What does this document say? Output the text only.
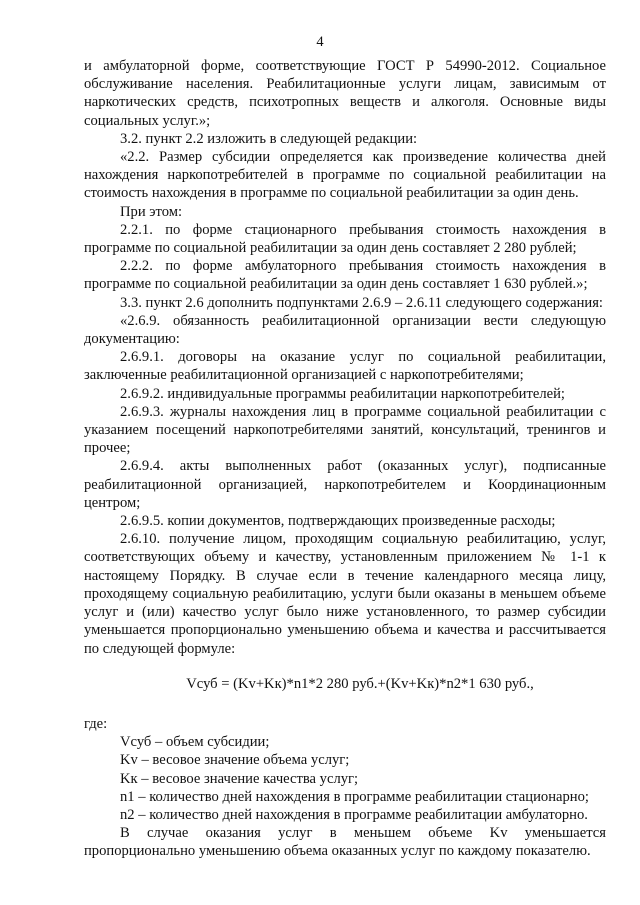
4

и амбулаторной форме, соответствующие ГОСТ Р 54990-2012. Социальное обслуживание населения. Реабилитационные услуги лицам, зависимым от наркотических средств, психотропных веществ и алкоголя. Основные виды социальных услуг.»;

3.2. пункт 2.2 изложить в следующей редакции:

«2.2. Размер субсидии определяется как произведение количества дней нахождения наркопотребителей в программе по социальной реабилитации на стоимость нахождения в программе по социальной реабилитации за один день.

При этом:

2.2.1. по форме стационарного пребывания стоимость нахождения в программе по социальной реабилитации за один день составляет 2 280 рублей;

2.2.2. по форме амбулаторного пребывания стоимость нахождения в программе по социальной реабилитации за один день составляет 1 630 рублей.»;

3.3. пункт 2.6 дополнить подпунктами 2.6.9 – 2.6.11 следующего содержания:

«2.6.9. обязанность реабилитационной организации вести следующую документацию:

2.6.9.1. договоры на оказание услуг по социальной реабилитации, заключенные реабилитационной организацией с наркопотребителями;

2.6.9.2. индивидуальные программы реабилитации наркопотребителей;

2.6.9.3. журналы нахождения лиц в программе социальной реабилитации с указанием посещений наркопотребителями занятий, консультаций, тренингов и прочее;

2.6.9.4. акты выполненных работ (оказанных услуг), подписанные реабилитационной организацией, наркопотребителем и Координационным центром;

2.6.9.5. копии документов, подтверждающих произведенные расходы;

2.6.10. получение лицом, проходящим социальную реабилитацию, услуг, соответствующих объему и качеству, установленным приложением № 1-1 к настоящему Порядку. В случае если в течение календарного месяца лицу, проходящему социальную реабилитацию, услуги были оказаны в меньшем объеме услуг и (или) качество услуг было ниже установленного, то размер субсидии уменьшается пропорционально уменьшению объема и качества и рассчитывается по следующей формуле:

Vсуб = (Kv+Kк)*n1*2 280 руб.+(Kv+Kк)*n2*1 630 руб.,

где:

Vсуб – объем субсидии;

Kv – весовое значение объема услуг;

Kк – весовое значение качества услуг;

n1 – количество дней нахождения в программе реабилитации стационарно;

n2 – количество дней нахождения в программе реабилитации амбулаторно.

В случае оказания услуг в меньшем объеме Kv уменьшается пропорционально уменьшению объема оказанных услуг по каждому показателю.
